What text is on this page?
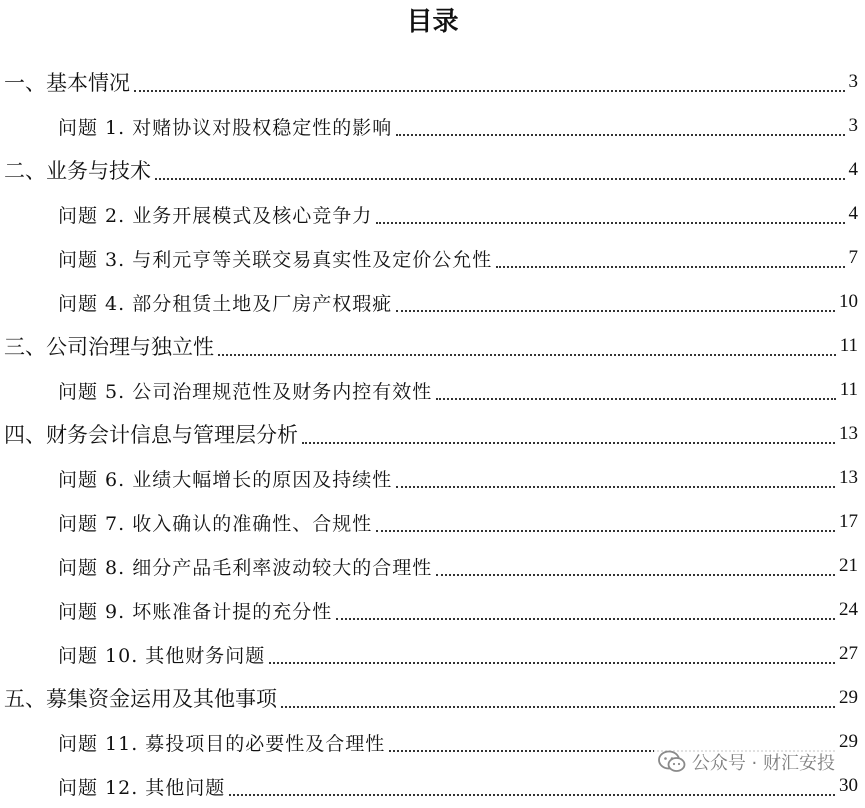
目录
一、基本情况	3
问题 1. 对赌协议对股权稳定性的影响	3
二、业务与技术	4
问题 2. 业务开展模式及核心竞争力	4
问题 3. 与利元亨等关联交易真实性及定价公允性	7
问题 4. 部分租赁土地及厂房产权瑕疵	10
三、公司治理与独立性	11
问题 5. 公司治理规范性及财务内控有效性	11
四、财务会计信息与管理层分析	13
问题 6. 业绩大幅增长的原因及持续性	13
问题 7. 收入确认的准确性、合规性	17
问题 8. 细分产品毛利率波动较大的合理性	21
问题 9. 坏账准备计提的充分性	24
问题 10. 其他财务问题	27
五、募集资金运用及其他事项	29
问题 11. 募投项目的必要性及合理性	29
问题 12. 其他问题	30
公众号 · 财汇安投
